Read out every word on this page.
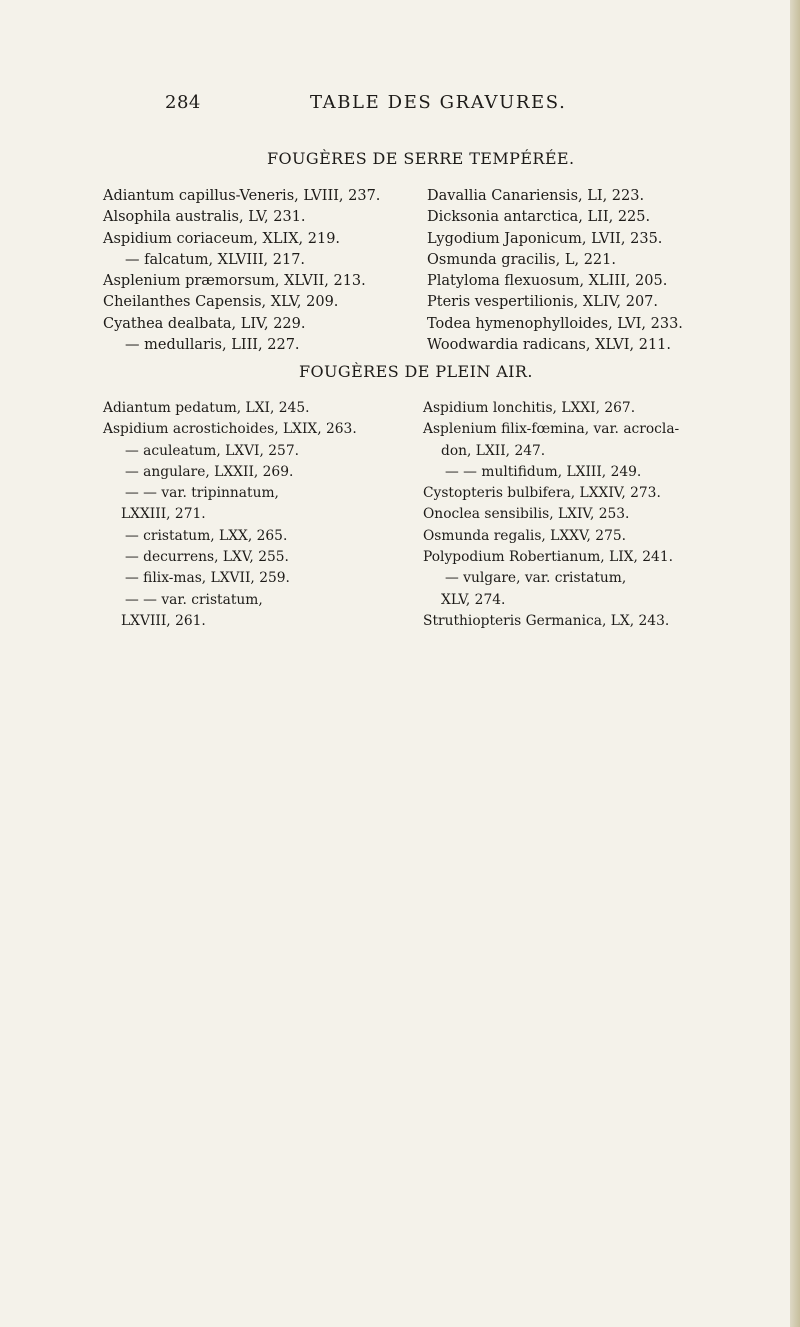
284	TABLE DES GRAVURES.
FOUGÈRES DE SERRE TEMPÉRÉE.
Adiantum capillus-Veneris, LVIII, 237.
Alsophila australis, LV, 231.
Aspidium coriaceum, XLIX, 219.
— falcatum, XLVIII, 217.
Asplenium præmorsum, XLVII, 213.
Cheilanthes Capensis, XLV, 209.
Cyathea dealbata, LIV, 229.
— medullaris, LIII, 227.
Davallia Canariensis, LI, 223.
Dicksonia antarctica, LII, 225.
Lygodium Japonicum, LVII, 235.
Osmunda gracilis, L, 221.
Platyloma flexuosum, XLIII, 205.
Pteris vespertilionis, XLIV, 207.
Todea hymenophylloides, LVI, 233.
Woodwardia radicans, XLVI, 211.
FOUGÈRES DE PLEIN AIR.
Adiantum pedatum, LXI, 245.
Aspidium acrostichoides, LXIX, 263.
— aculeatum, LXVI, 257.
— angulare, LXXII, 269.
— — var. tripinnatum,
LXXIII, 271.
— cristatum, LXX, 265.
— decurrens, LXV, 255.
— filix-mas, LXVII, 259.
— — var. cristatum,
LXVIII, 261.
Aspidium lonchitis, LXXI, 267.
Asplenium filix-fœmina, var. acrocla-
don, LXII, 247.
— — multifidum, LXIII, 249.
Cystopteris bulbifera, LXXIV, 273.
Onoclea sensibilis, LXIV, 253.
Osmunda regalis, LXXV, 275.
Polypodium Robertianum, LIX, 241.
— vulgare, var. cristatum,
XLV, 274.
Struthiopteris Germanica, LX, 243.
